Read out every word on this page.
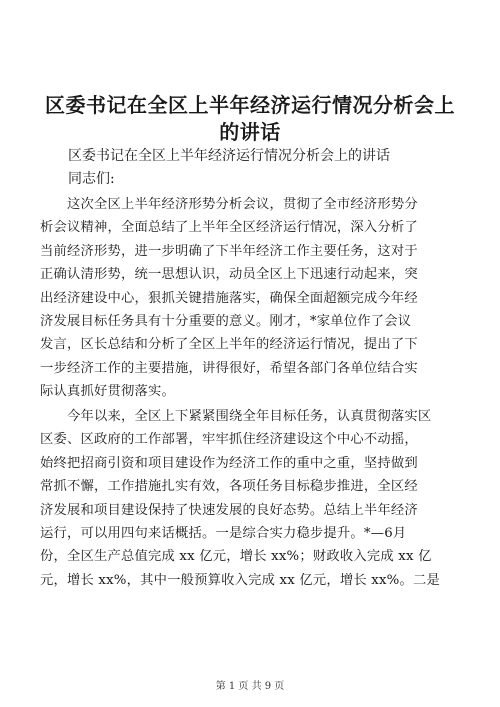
区委书记在全区上半年经济运行情况分析会上
的讲话
区委书记在全区上半年经济运行情况分析会上的讲话
同志们:
　　这次全区上半年经济形势分析会议，贯彻了全市经济形势分
析会议精神，全面总结了上半年全区经济运行情况，深入分析了
当前经济形势，进一步明确了下半年经济工作主要任务，这对于
正确认清形势，统一思想认识，动员全区上下迅速行动起来，突
出经济建设中心，狠抓关键措施落实，确保全面超额完成今年经
济发展目标任务具有十分重要的意义。刚才，*家单位作了会议
发言，区长总结和分析了全区上半年的经济运行情况，提出了下
一步经济工作的主要措施，讲得很好，希望各部门各单位结合实
际认真抓好贯彻落实。
　　今年以来，全区上下紧紧围绕全年目标任务，认真贯彻落实区
区委、区政府的工作部署，牢牢抓住经济建设这个中心不动摇，
始终把招商引资和项目建设作为经济工作的重中之重，坚持做到
常抓不懈，工作措施扎实有效，各项任务目标稳步推进，全区经
济发展和项目建设保持了快速发展的良好态势。总结上半年经济
运行，可以用四句来话概括。一是综合实力稳步提升。*—6月
份，全区生产总值完成 xx 亿元，增长 xx%；财政收入完成 xx 亿
元，增长 xx%，其中一般预算收入完成 xx 亿元，增长 xx%。二是
第 1 页 共 9 页
